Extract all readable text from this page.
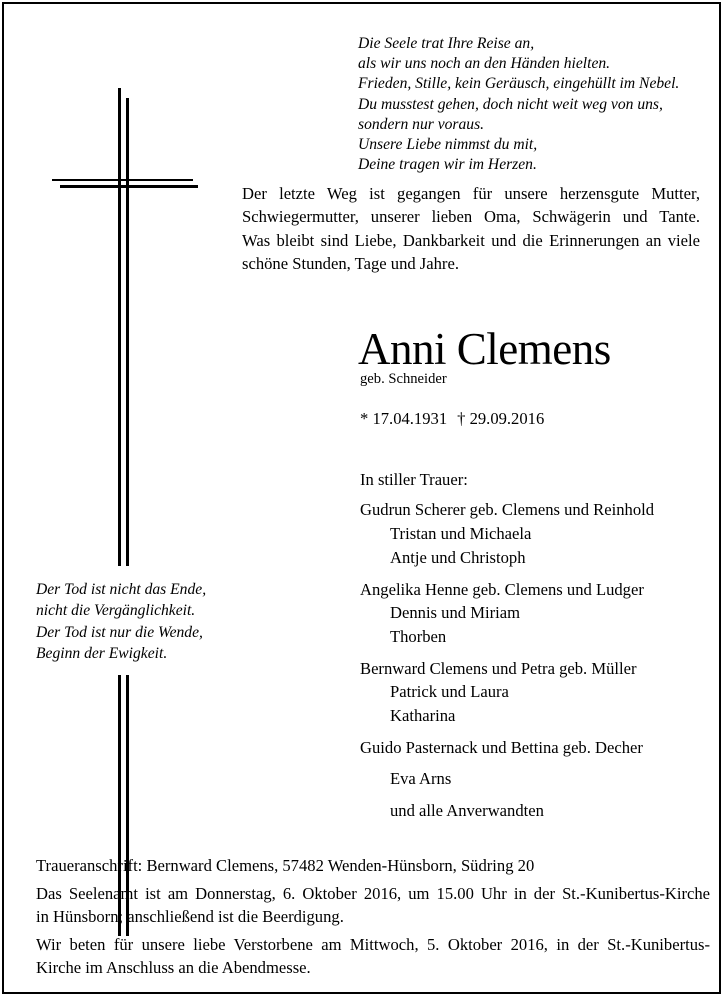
Die Seele trat Ihre Reise an,
als wir uns noch an den Händen hielten.
Frieden, Stille, kein Geräusch, eingehüllt im Nebel.
Du musstest gehen, doch nicht weit weg von uns,
sondern nur voraus.
Unsere Liebe nimmst du mit,
Deine tragen wir im Herzen.
Der letzte Weg ist gegangen für unsere herzensgute Mutter,
Schwiegermutter, unserer lieben Oma, Schwägerin und Tante.
Was bleibt sind Liebe, Dankbarkeit und die Erinnerungen an viele
schöne Stunden, Tage und Jahre.
Anni Clemens
geb. Schneider
* 17.04.1931 † 29.09.2016
In stiller Trauer:
Gudrun Scherer geb. Clemens und Reinhold
Tristan und Michaela
Antje und Christoph
Angelika Henne geb. Clemens und Ludger
Dennis und Miriam
Thorben
Bernward Clemens und Petra geb. Müller
Patrick und Laura
Katharina
Guido Pasternack und Bettina geb. Decher
Eva Arns
und alle Anverwandten
Der Tod ist nicht das Ende,
nicht die Vergänglichkeit.
Der Tod ist nur die Wende,
Beginn der Ewigkeit.
Traueranschrift: Bernward Clemens, 57482 Wenden-Hünsborn, Südring 20
Das Seelenamt ist am Donnerstag, 6. Oktober 2016, um 15.00 Uhr in der St.-Kunibertus-Kirche
in Hünsborn; anschließend ist die Beerdigung.
Wir beten für unsere liebe Verstorbene am Mittwoch, 5. Oktober 2016, in der St.-Kunibertus-
Kirche im Anschluss an die Abendmesse.
